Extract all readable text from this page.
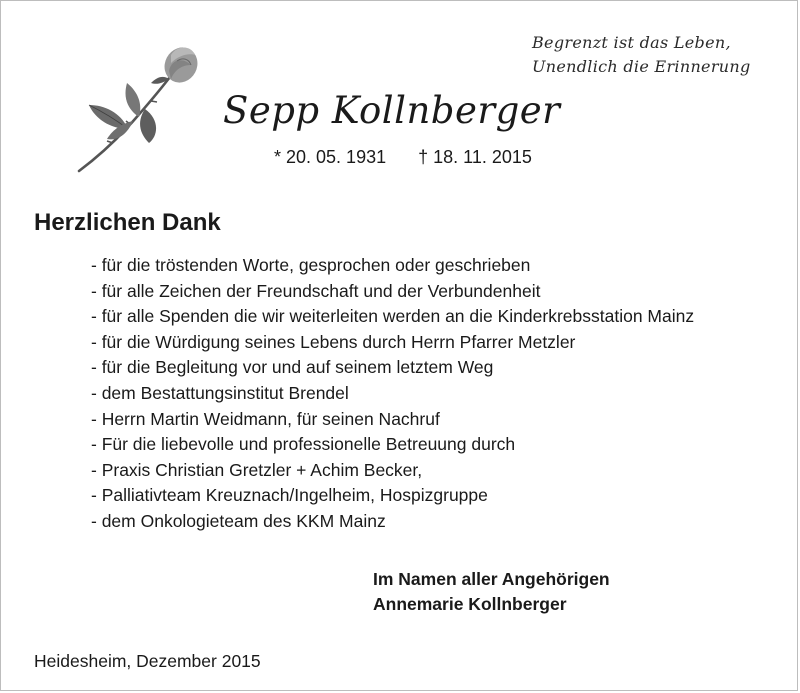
Begrenzt ist das Leben,
Unendlich die Erinnerung
Sepp Kollnberger
* 20. 05. 1931 † 18. 11. 2015
Herzlichen Dank
- für die tröstenden Worte, gesprochen oder geschrieben
- für alle Zeichen der Freundschaft und der Verbundenheit
- für alle Spenden die wir weiterleiten werden an die Kinderkrebsstation Mainz
- für die Würdigung seines Lebens durch Herrn Pfarrer Metzler
- für die Begleitung vor und auf seinem letztem Weg
- dem Bestattungsinstitut Brendel
- Herrn Martin Weidmann, für seinen Nachruf
- Für die liebevolle und professionelle Betreuung durch
- Praxis Christian Gretzler + Achim Becker,
- Palliativteam Kreuznach/Ingelheim, Hospizgruppe
- dem Onkologieteam des KKM Mainz
Im Namen aller Angehörigen
Annemarie Kollnberger
Heidesheim, Dezember 2015
